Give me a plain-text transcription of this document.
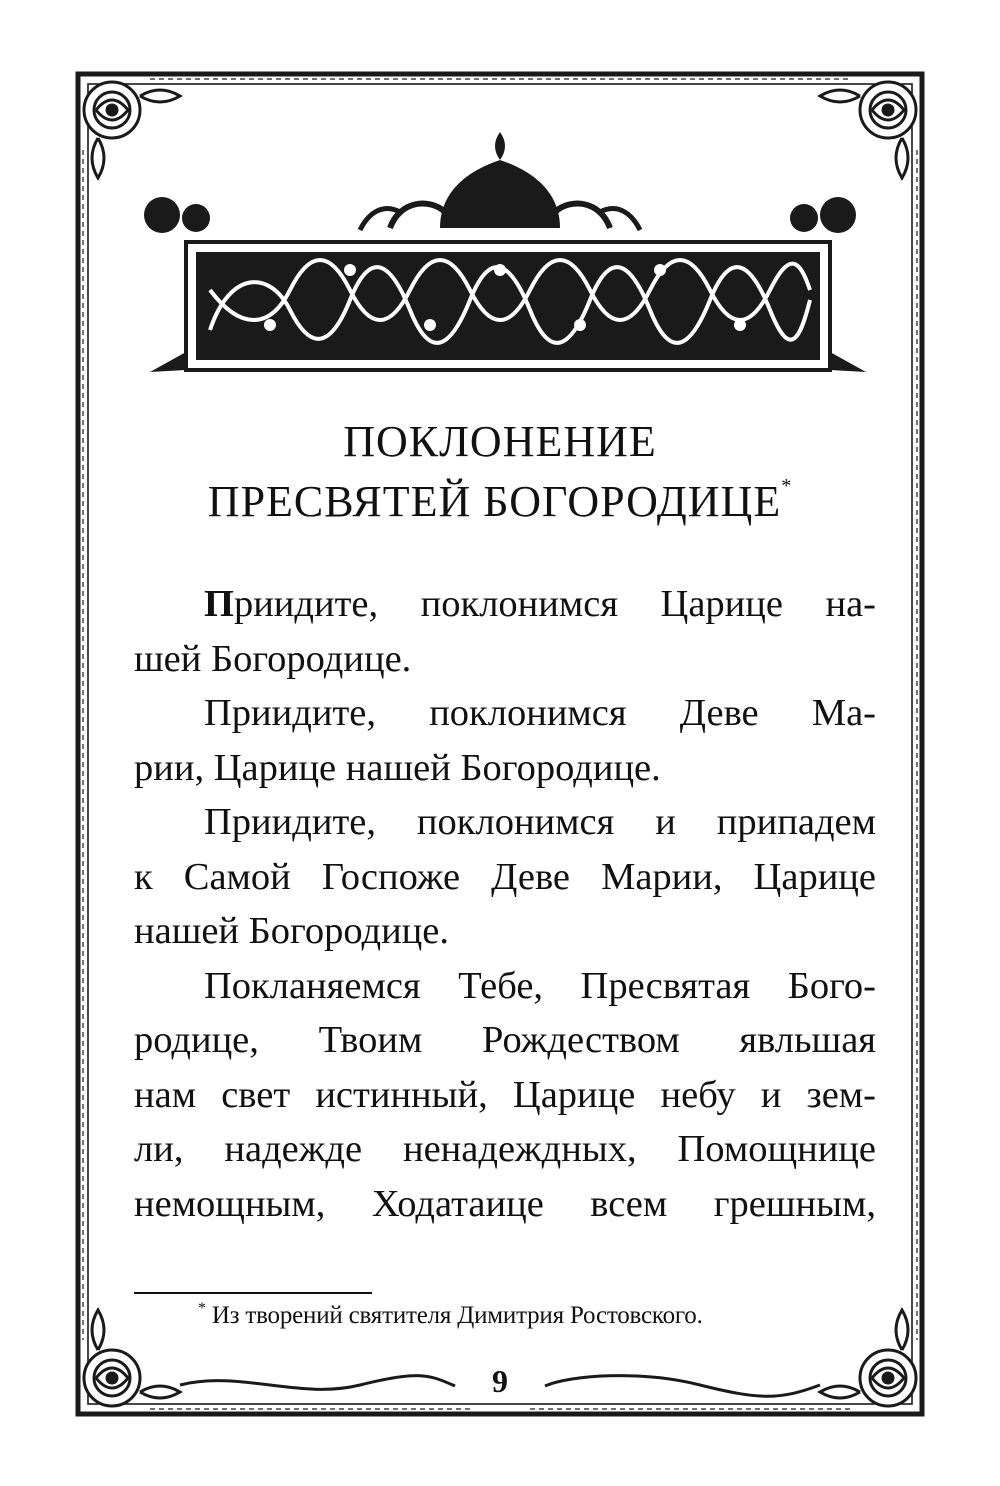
ПОКЛОНЕНИЕ
ПРЕСВЯТЕЙ БОГОРОДИЦЕ*
Приидите, поклонимся Царице на-
шей Богородице.
Приидите, поклонимся Деве Ма-
рии, Царице нашей Богородице.
Приидите, поклонимся и припадем
к Самой Госпоже Деве Марии, Царице
нашей Богородице.
Покланяемся Тебе, Пресвятая Бого-
родице, Твоим Рождеством явльшая
нам свет истинный, Царице небу и зем-
ли, надежде ненадеждных, Помощнице
немощным, Ходатаице всем грешным,
* Из творений святителя Димитрия Ростовского.
9
